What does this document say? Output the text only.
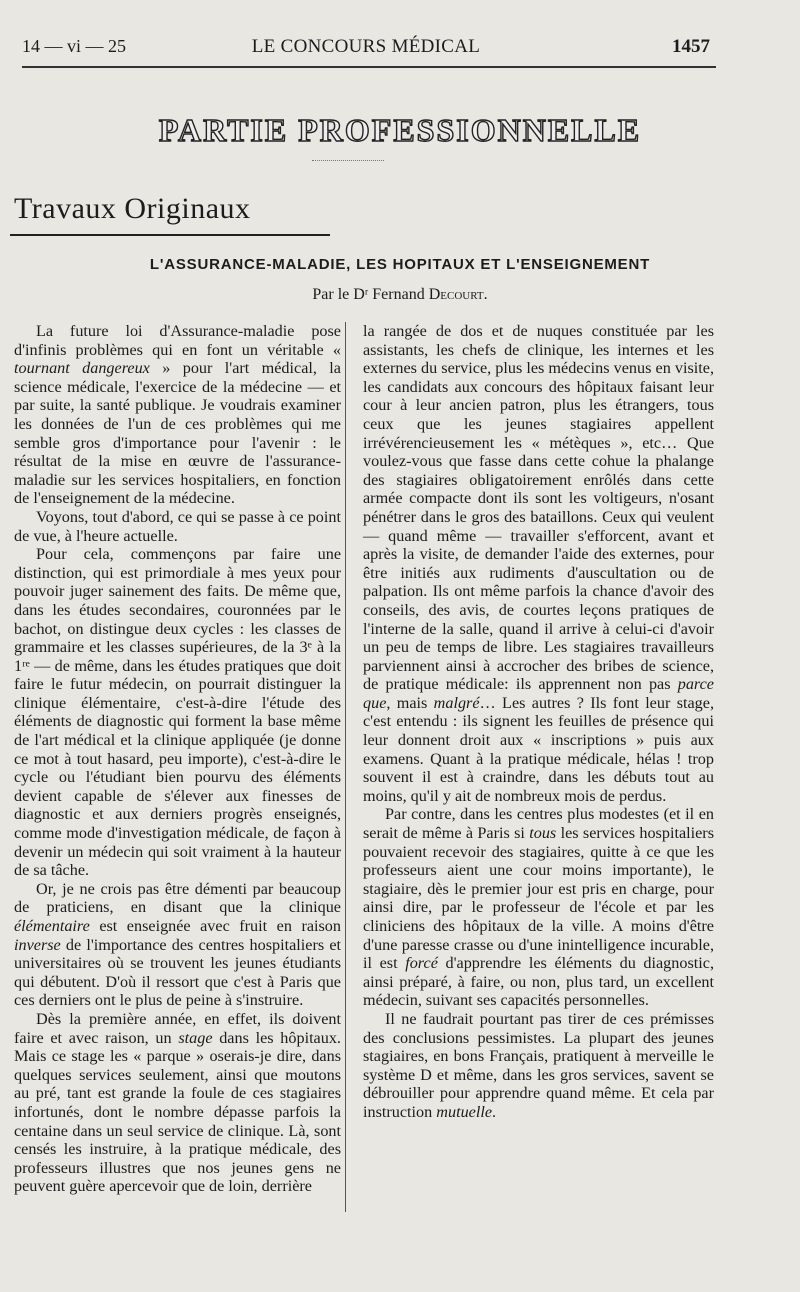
14 — vi — 25	LE CONCOURS MÉDICAL	1457
PARTIE PROFESSIONNELLE
Travaux Originaux
L'ASSURANCE-MALADIE, LES HOPITAUX ET L'ENSEIGNEMENT
Par le Dʳ Fernand Decourt.

La future loi d'Assurance-maladie pose d'infinis problèmes qui en font un véritable « tournant dangereux » pour l'art médical, la science médicale, l'exercice de la médecine — et par suite, la santé publique. Je voudrais examiner les données de l'un de ces problèmes qui me semble gros d'importance pour l'avenir : le résultat de la mise en œuvre de l'assurance-maladie sur les services hospitaliers, en fonction de l'enseignement de la médecine.

Voyons, tout d'abord, ce qui se passe à ce point de vue, à l'heure actuelle.

Pour cela, commençons par faire une distinction, qui est primordiale à mes yeux pour pouvoir juger sainement des faits. De même que, dans les études secondaires, couronnées par le bachot, on distingue deux cycles : les classes de grammaire et les classes supérieures, de la 3ᵉ à la 1ʳᵉ — de même, dans les études pratiques que doit faire le futur médecin, on pourrait distinguer la clinique élémentaire, c'est-à-dire l'étude des éléments de diagnostic qui forment la base même de l'art médical et la clinique appliquée (je donne ce mot à tout hasard, peu importe), c'est-à-dire le cycle ou l'étudiant bien pourvu des éléments devient capable de s'élever aux finesses de diagnostic et aux derniers progrès enseignés, comme mode d'investigation médicale, de façon à devenir un médecin qui soit vraiment à la hauteur de sa tâche.

Or, je ne crois pas être démenti par beaucoup de praticiens, en disant que la clinique élémentaire est enseignée avec fruit en raison inverse de l'importance des centres hospitaliers et universitaires où se trouvent les jeunes étudiants qui débutent. D'où il ressort que c'est à Paris que ces derniers ont le plus de peine à s'instruire.

Dès la première année, en effet, ils doivent faire et avec raison, un stage dans les hôpitaux. Mais ce stage les « parque » oserais-je dire, dans quelques services seulement, ainsi que moutons au pré, tant est grande la foule de ces stagiaires infortunés, dont le nombre dépasse parfois la centaine dans un seul service de clinique. Là, sont censés les instruire, à la pratique médicale, des professeurs illustres que nos jeunes gens ne peuvent guère apercevoir que de loin, derrière

la rangée de dos et de nuques constituée par les assistants, les chefs de clinique, les internes et les externes du service, plus les médecins venus en visite, les candidats aux concours des hôpitaux faisant leur cour à leur ancien patron, plus les étrangers, tous ceux que les jeunes stagiaires appellent irrévérencieusement les « métèques », etc… Que voulez-vous que fasse dans cette cohue la phalange des stagiaires obligatoirement enrôlés dans cette armée compacte dont ils sont les voltigeurs, n'osant pénétrer dans le gros des bataillons. Ceux qui veulent — quand même — travailler s'efforcent, avant et après la visite, de demander l'aide des externes, pour être initiés aux rudiments d'auscultation ou de palpation. Ils ont même parfois la chance d'avoir des conseils, des avis, de courtes leçons pratiques de l'interne de la salle, quand il arrive à celui-ci d'avoir un peu de temps de libre. Les stagiaires travailleurs parviennent ainsi à accrocher des bribes de science, de pratique médicale: ils apprennent non pas parce que, mais malgré… Les autres ? Ils font leur stage, c'est entendu : ils signent les feuilles de présence qui leur donnent droit aux « inscriptions » puis aux examens. Quant à la pratique médicale, hélas ! trop souvent il est à craindre, dans les débuts tout au moins, qu'il y ait de nombreux mois de perdus.

Par contre, dans les centres plus modestes (et il en serait de même à Paris si tous les services hospitaliers pouvaient recevoir des stagiaires, quitte à ce que les professeurs aient une cour moins importante), le stagiaire, dès le premier jour est pris en charge, pour ainsi dire, par le professeur de l'école et par les cliniciens des hôpitaux de la ville. A moins d'être d'une paresse crasse ou d'une inintelligence incurable, il est forcé d'apprendre les éléments du diagnostic, ainsi préparé, à faire, ou non, plus tard, un excellent médecin, suivant ses capacités personnelles.

Il ne faudrait pourtant pas tirer de ces prémisses des conclusions pessimistes. La plupart des jeunes stagiaires, en bons Français, pratiquent à merveille le système D et même, dans les gros services, savent se débrouiller pour apprendre quand même. Et cela par instruction mutuelle.
